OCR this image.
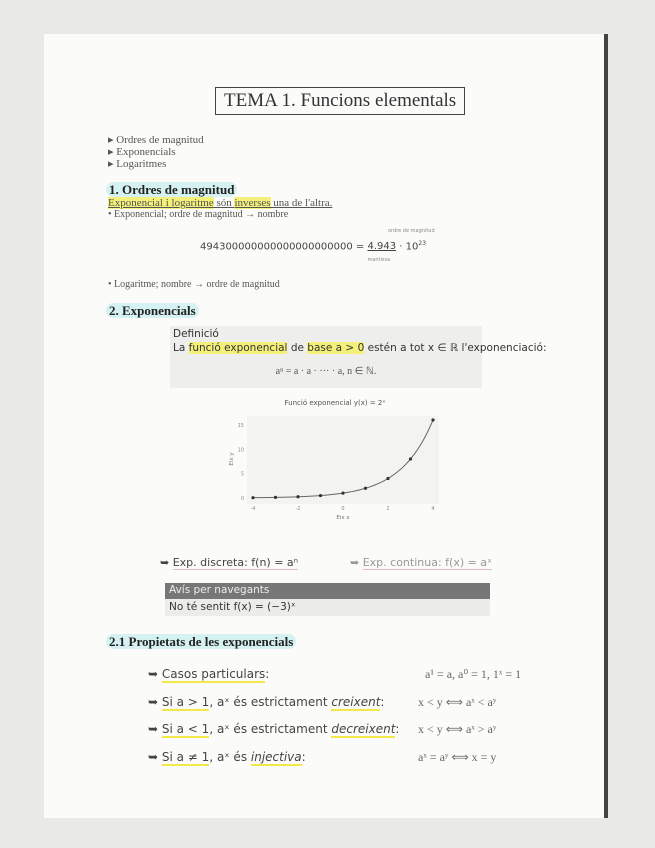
TEMA 1. Funcions elementals
▸ Ordres de magnitud
▸ Exponencials
▸ Logaritmes
1. Ordres de magnitud
Exponencial i logaritme són inverses una de l'altra.
• Exponencial; ordre de magnitud → nombre
494300000000000000000000 = 4.943
mantissa
· $10^{23}$
ordre de magnitud
• Logaritme; nombre → ordre de magnitud
2. Exponencials
Definició
La funció exponencial de base a > 0 estén a tot x ∈ ℝ l'exponenciació:
aⁿ = a · a · ··· · a, n ∈ ℕ.
Funció exponencial y(x) = 2ˣ
-4	-2	0	2	4
0
5
10
15
Eix x
Eix y
➥ Exp. discreta: f(n) = aⁿ	➥ Exp. continua: f(x) = aˣ
Avís per navegants
No té sentit f(x) = (−3)ˣ
2.1 Propietats de les exponencials
➥ Casos particulars:	a¹ = a, a⁰ = 1, 1ˣ = 1
➥ Si a > 1, aˣ és estrictament creixent:	x < y ⟺ aˣ < aʸ
➥ Si a < 1, aˣ és estrictament decreixent: x < y ⟺ aˣ > aʸ
➥ Si a ≠ 1, aˣ és injectiva:	aˣ = aʸ ⟺ x = y
